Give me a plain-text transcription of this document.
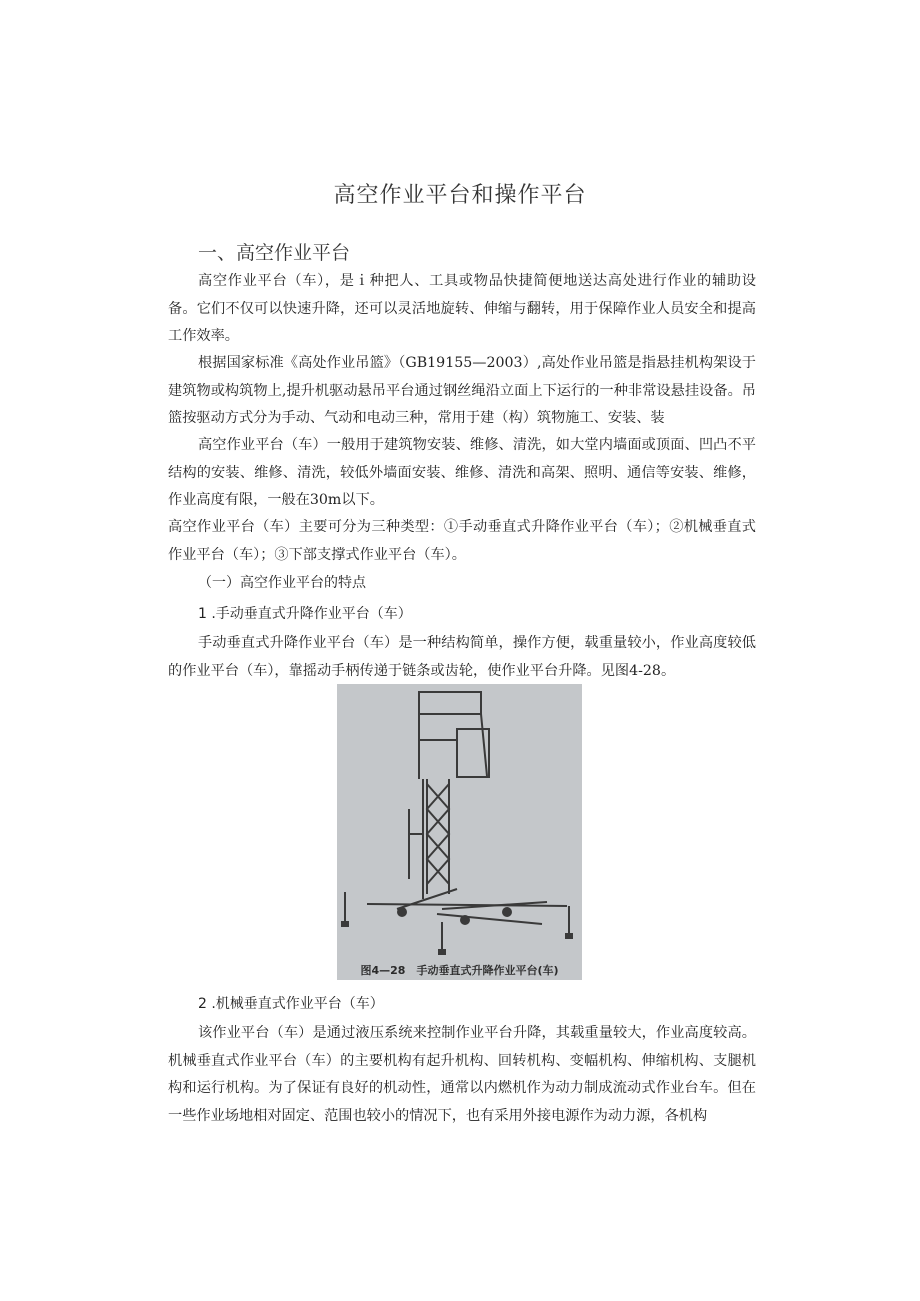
高空作业平台和操作平台
一、高空作业平台

高空作业平台（车），是ｉ种把人、工具或物品快捷简便地送达高处进行作业的辅助设备。它们不仅可以快速升降，还可以灵活地旋转、伸缩与翻转，用于保障作业人员安全和提高工作效率。

根据国家标准《高处作业吊篮》（GB19155—2003）,高处作业吊篮是指悬挂机构架设于建筑物或构筑物上,提升机驱动悬吊平台通过钢丝绳沿立面上下运行的一种非常设悬挂设备。吊篮按驱动方式分为手动、气动和电动三种，常用于建（构）筑物施工、安装、装

高空作业平台（车）一般用于建筑物安装、维修、清洗，如大堂内墙面或顶面、凹凸不平结构的安装、维修、清洗，较低外墙面安装、维修、清洗和高架、照明、通信等安装、维修，作业高度有限，一般在30m以下。

高空作业平台（车）主要可分为三种类型：①手动垂直式升降作业平台（车）；②机械垂直式作业平台（车）；③下部支撑式作业平台（车）。

（一）高空作业平台的特点
1 .手动垂直式升降作业平台（车）

手动垂直式升降作业平台（车）是一种结构简单，操作方便，载重量较小，作业高度较低的作业平台（车），靠摇动手柄传递于链条或齿轮，使作业平台升降。见图4-28。

图4—28　手动垂直式升降作业平台(车)
2 .机械垂直式作业平台（车）

该作业平台（车）是通过液压系统来控制作业平台升降，其载重量较大，作业高度较高。机械垂直式作业平台（车）的主要机构有起升机构、回转机构、变幅机构、伸缩机构、支腿机构和运行机构。为了保证有良好的机动性，通常以内燃机作为动力制成流动式作业台车。但在一些作业场地相对固定、范围也较小的情况下，也有采用外接电源作为动力源，各机构
